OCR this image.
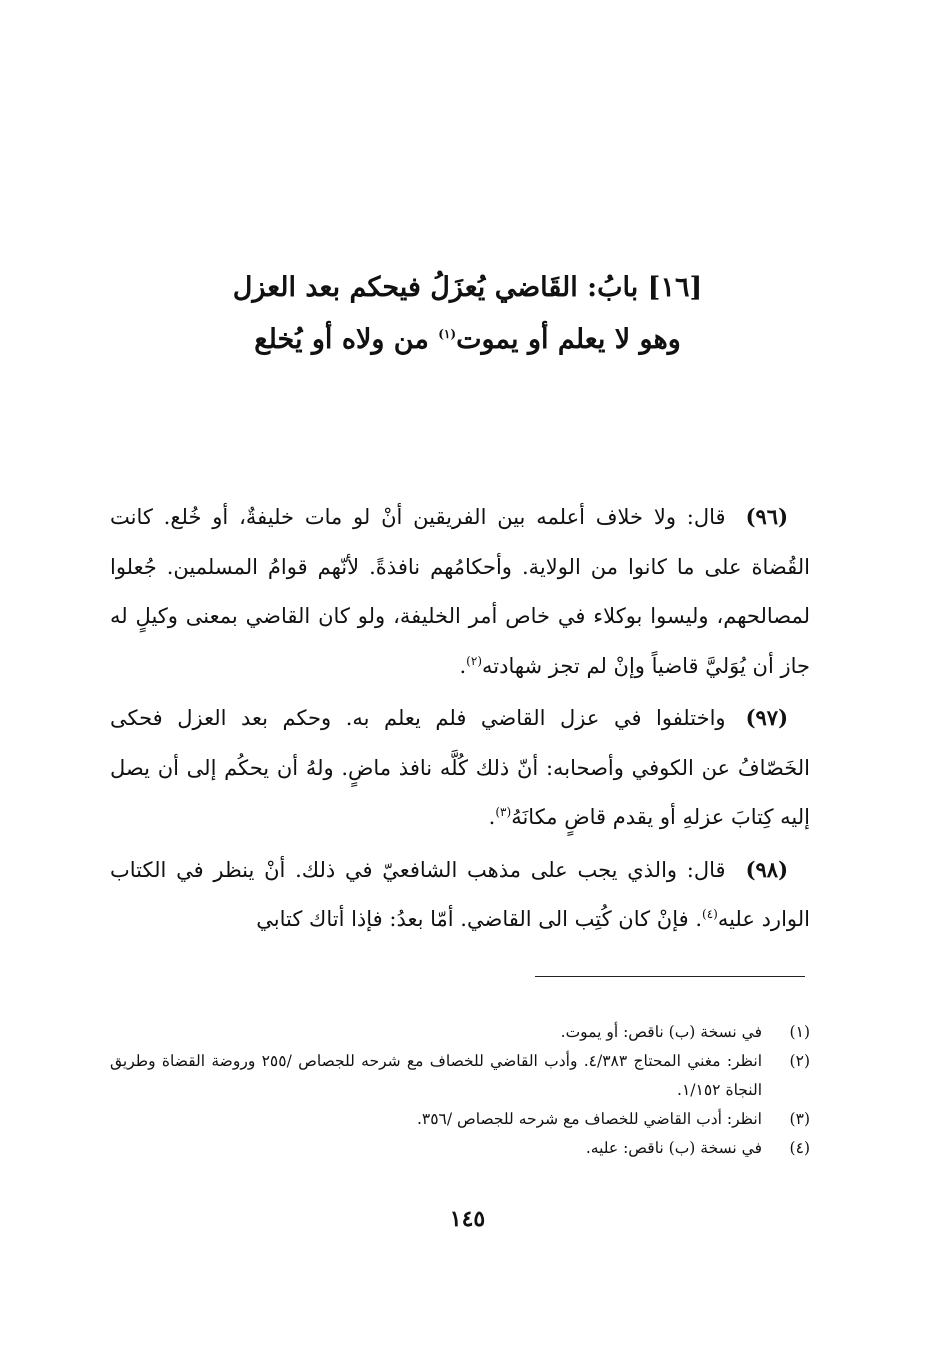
[١٦] بابُ: القَاضي يُعزَلُ فيحكم بعد العزل
وهو لا يعلم أو يموت$^{(١)}$ من ولاه أو يُخلع

(٩٦)قال: ولا خلاف أعلمه بين الفريقين أنْ لو مات خليفةٌ، أو خُلع. كانت القُضاة على ما كانوا من الولاية. وأحكامُهم نافذةً. لأنّهم قوامُ المسلمين. جُعلوا لمصالحهم، وليسوا بوكلاء في خاص أمر الخليفة، ولو كان القاضي بمعنى وكيلٍ له جاز أن يُوَليَّ قاضياً وإنْ لم تجز شهادته$^{(٢)}$.

(٩٧)واختلفوا في عزل القاضي فلم يعلم به. وحكم بعد العزل فحكى الخَصّافُ عن الكوفي وأصحابه: أنّ ذلك كُلَّه نافذ ماضٍ. ولهُ أن يحكُم إلى أن يصل إليه كِتابَ عزلهِ أو يقدم قاضٍ مكانَهُ$^{(٣)}$.

(٩٨)قال: والذي يجب على مذهب الشافعيّ في ذلك. أنْ ينظر في الكتاب الوارد عليه$^{(٤)}$. فإنْ كان كُتِب الى القاضي. أمّا بعدُ: فإذا أتاك كتابي

(١)
في نسخة (ب) ناقص: أو يموت.
(٢)
انظر: مغني المحتاج ٤/٣٨٣. وأدب القاضي للخصاف مع شرحه للجصاص /٢٥٥ وروضة القضاة وطريق النجاة ١/١٥٢.
(٣)
انظر: أدب القاضي للخصاف مع شرحه للجصاص /٣٥٦.
(٤)
في نسخة (ب) ناقص: عليه.
١٤٥
